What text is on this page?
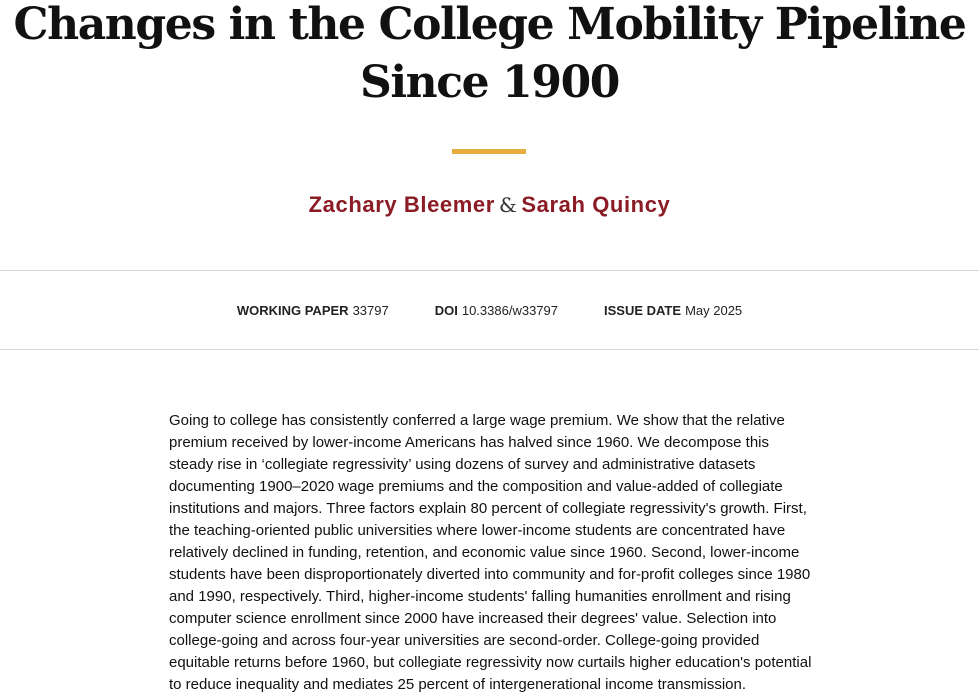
Changes in the College Mobility Pipeline Since 1900
Zachary Bleemer & Sarah Quincy
WORKING PAPER 33797	DOI 10.3386/w33797	ISSUE DATE May 2025

Going to college has consistently conferred a large wage premium. We show that the relative premium received by lower-income Americans has halved since 1960. We decompose this steady rise in ‘collegiate regressivity’ using dozens of survey and administrative datasets documenting 1900–2020 wage premiums and the composition and value-added of collegiate institutions and majors. Three factors explain 80 percent of collegiate regressivity's growth. First, the teaching-oriented public universities where lower-income students are concentrated have relatively declined in funding, retention, and economic value since 1960. Second, lower-income students have been disproportionately diverted into community and for-profit colleges since 1980 and 1990, respectively. Third, higher-income students' falling humanities enrollment and rising computer science enrollment since 2000 have increased their degrees' value. Selection into college-going and across four-year universities are second-order. College-going provided equitable returns before 1960, but collegiate regressivity now curtails higher education's potential to reduce inequality and mediates 25 percent of intergenerational income transmission.
